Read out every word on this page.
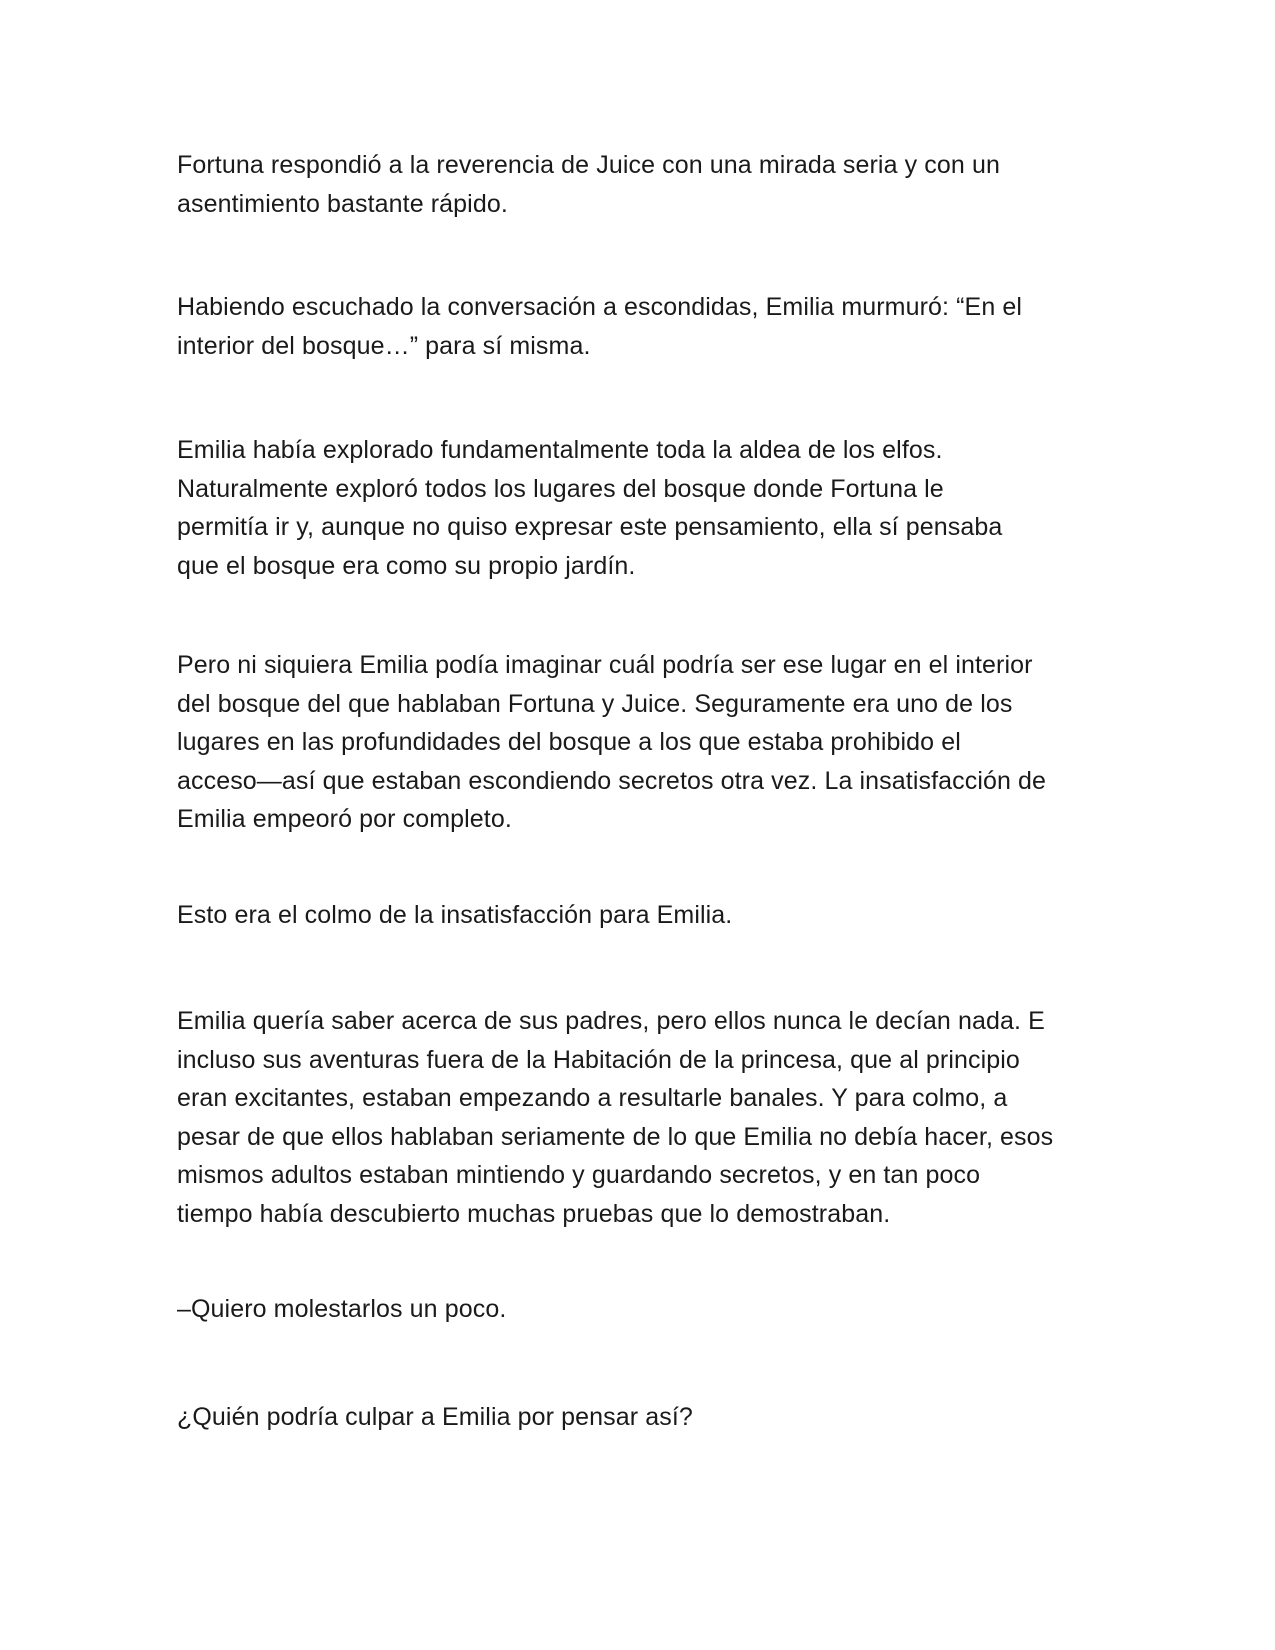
Fortuna respondió a la reverencia de Juice con una mirada seria y con un
asentimiento bastante rápido.

Habiendo escuchado la conversación a escondidas, Emilia murmuró: “En el
interior del bosque…” para sí misma.

Emilia había explorado fundamentalmente toda la aldea de los elfos.
Naturalmente exploró todos los lugares del bosque donde Fortuna le
permitía ir y, aunque no quiso expresar este pensamiento, ella sí pensaba
que el bosque era como su propio jardín.

Pero ni siquiera Emilia podía imaginar cuál podría ser ese lugar en el interior
del bosque del que hablaban Fortuna y Juice. Seguramente era uno de los
lugares en las profundidades del bosque a los que estaba prohibido el
acceso—así que estaban escondiendo secretos otra vez. La insatisfacción de
Emilia empeoró por completo.

Esto era el colmo de la insatisfacción para Emilia.

Emilia quería saber acerca de sus padres, pero ellos nunca le decían nada. E
incluso sus aventuras fuera de la Habitación de la princesa, que al principio
eran excitantes, estaban empezando a resultarle banales. Y para colmo, a
pesar de que ellos hablaban seriamente de lo que Emilia no debía hacer, esos
mismos adultos estaban mintiendo y guardando secretos, y en tan poco
tiempo había descubierto muchas pruebas que lo demostraban.

–Quiero molestarlos un poco.

¿Quién podría culpar a Emilia por pensar así?
